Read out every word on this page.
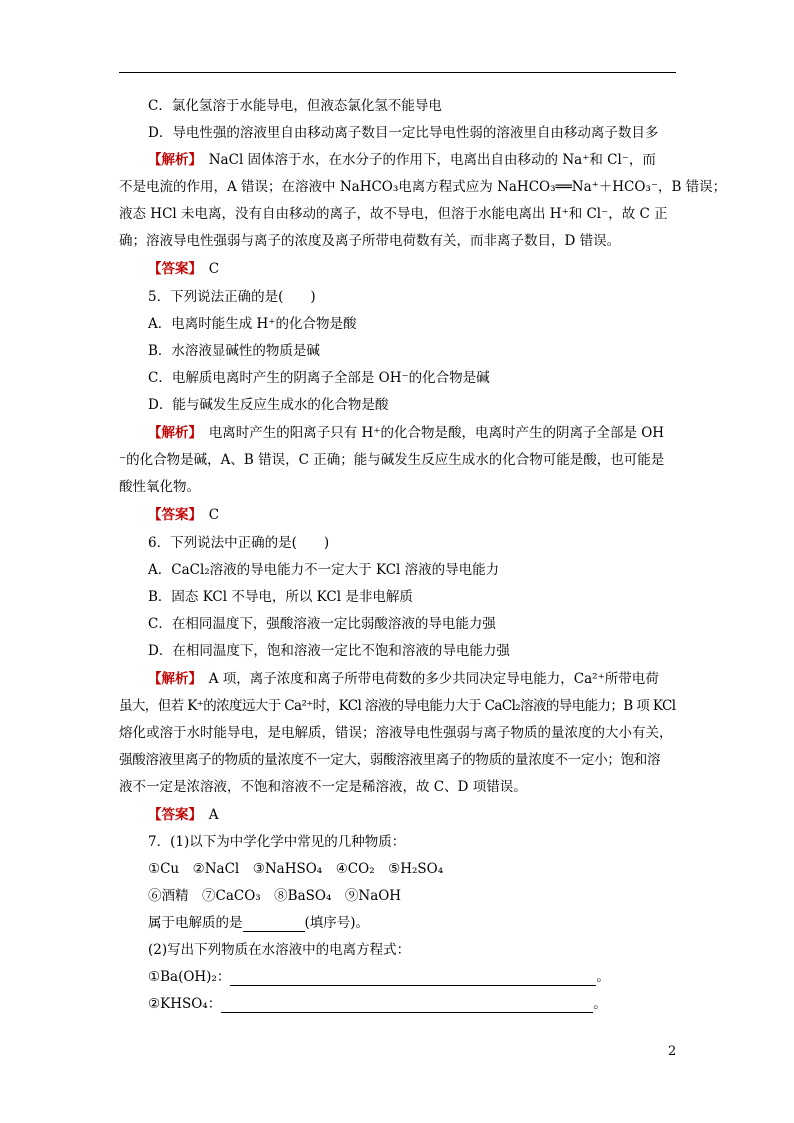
C．氯化氢溶于水能导电，但液态氯化氢不能导电
D．导电性强的溶液里自由移动离子数目一定比导电性弱的溶液里自由移动离子数目多
【解析】　NaCl 固体溶于水，在水分子的作用下，电离出自由移动的 Na⁺和 Cl⁻，而
不是电流的作用，A 错误；在溶液中 NaHCO₃电离方程式应为 NaHCO₃══Na⁺＋HCO₃⁻，B 错误；
液态 HCl 未电离，没有自由移动的离子，故不导电，但溶于水能电离出 H⁺和 Cl⁻，故 C 正
确；溶液导电性强弱与离子的浓度及离子所带电荷数有关，而非离子数目，D 错误。
【答案】　C
5．下列说法正确的是(　　)
A．电离时能生成 H⁺的化合物是酸
B．水溶液显碱性的物质是碱
C．电解质电离时产生的阴离子全部是 OH⁻的化合物是碱
D．能与碱发生反应生成水的化合物是酸
【解析】　电离时产生的阳离子只有 H⁺的化合物是酸，电离时产生的阴离子全部是 OH
⁻的化合物是碱，A、B 错误，C 正确；能与碱发生反应生成水的化合物可能是酸，也可能是
酸性氧化物。
【答案】　C
6．下列说法中正确的是(　　)
A．CaCl₂溶液的导电能力不一定大于 KCl 溶液的导电能力
B．固态 KCl 不导电，所以 KCl 是非电解质
C．在相同温度下，强酸溶液一定比弱酸溶液的导电能力强
D．在相同温度下，饱和溶液一定比不饱和溶液的导电能力强
【解析】　A 项，离子浓度和离子所带电荷数的多少共同决定导电能力，Ca²⁺所带电荷
虽大，但若 K⁺的浓度远大于 Ca²⁺时，KCl 溶液的导电能力大于 CaCl₂溶液的导电能力；B 项 KCl
熔化或溶于水时能导电，是电解质，错误；溶液导电性强弱与离子物质的量浓度的大小有关，
强酸溶液里离子的物质的量浓度不一定大，弱酸溶液里离子的物质的量浓度不一定小；饱和溶
液不一定是浓溶液，不饱和溶液不一定是稀溶液，故 C、D 项错误。
【答案】　A
7．(1)以下为中学化学中常见的几种物质：
①Cu　②NaCl　③NaHSO₄　④CO₂　⑤H₂SO₄
⑥酒精　⑦CaCO₃　⑧BaSO₄　⑨NaOH
属于电解质的是	(填序号)。
(2)写出下列物质在水溶液中的电离方程式：
①Ba(OH)₂：	。
②KHSO₄：	。
2
